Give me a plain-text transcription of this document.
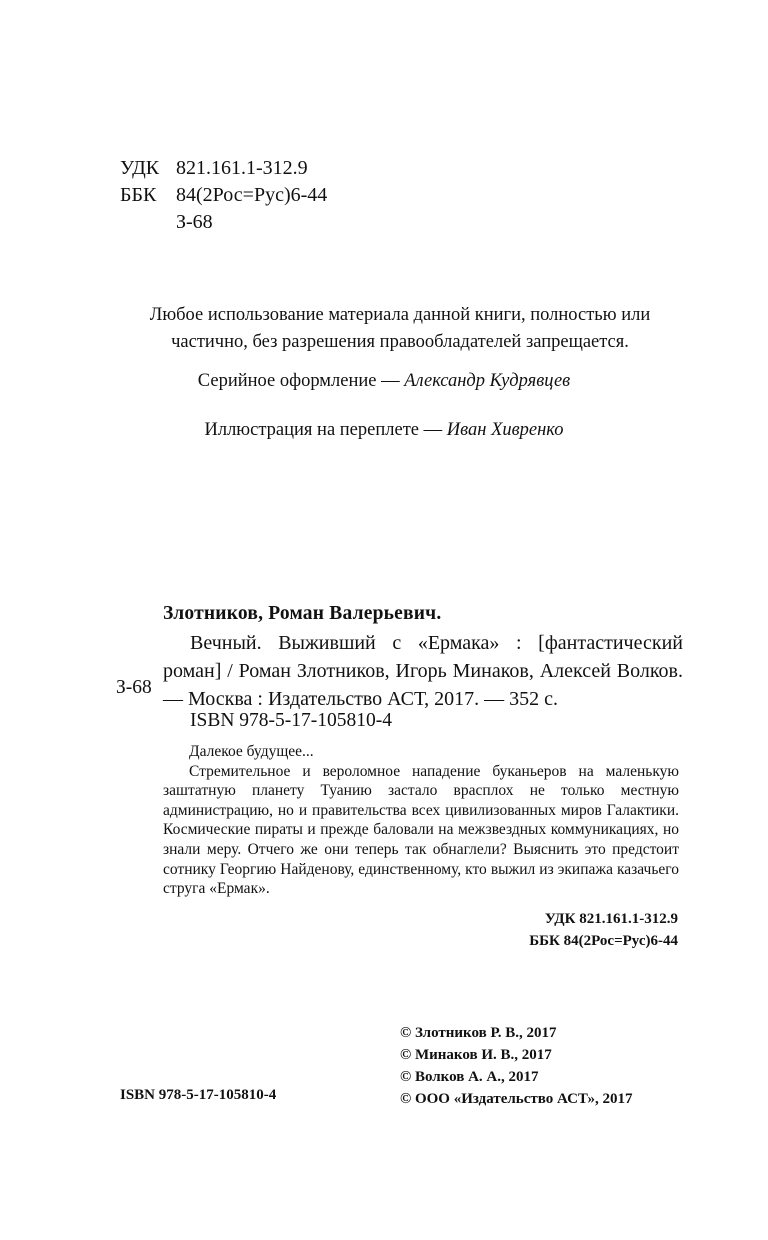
УДК 821.161.1-312.9
ББК 84(2Рос=Рус)6-44
З-68
Любое использование материала данной книги, полностью или частично, без разрешения правообладателей запрещается.
Серийное оформление — Александр Кудрявцев
Иллюстрация на переплете — Иван Хивренко
Злотников, Роман Валерьевич.
Вечный. Выживший с «Ермака» : [фантастический роман] / Роман Злотников, Игорь Минаков, Алексей Волков. — Москва : Издательство АСТ, 2017. — 352 с.
З-68
ISBN 978-5-17-105810-4

Далекое будущее...

Стремительное и вероломное нападение буканьеров на маленькую заштатную планету Туанию застало врасплох не только местную администрацию, но и правительства всех цивилизованных миров Галактики. Космические пираты и прежде баловали на межзвездных коммуникациях, но знали меру. Отчего же они теперь так обнаглели? Выяснить это предстоит сотнику Георгию Найденову, единственному, кто выжил из экипажа казачьего струга «Ермак».

УДК 821.161.1-312.9
ББК 84(2Рос=Рус)6-44
© Злотников Р. В., 2017
© Минаков И. В., 2017
© Волков А. А., 2017
© ООО «Издательство АСТ», 2017
ISBN 978-5-17-105810-4
